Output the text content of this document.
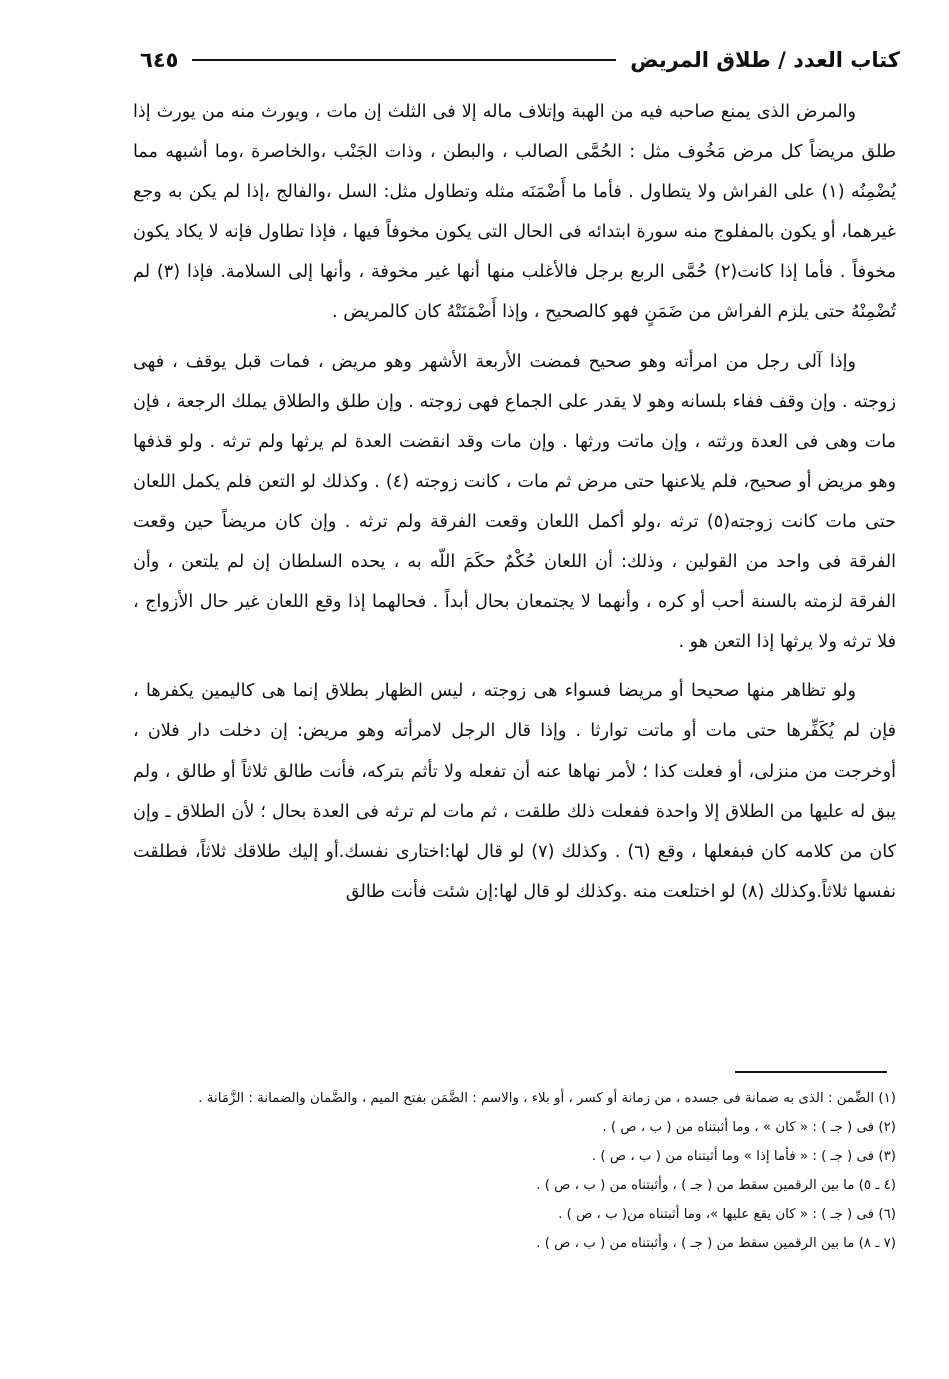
كتاب العدد / طلاق المريض
٦٤٥

والمرض الذى يمنع صاحبه فيه من الهبة وإتلاف ماله إلا فى الثلث إن مات ، ويورث منه من يورث إذا طلق مريضاً كل مرض مَخُوف مثل : الحُمَّى الصالب ، والبطن ، وذات الجَنْب ،والخاصرة ،وما أشبهه مما يُضْمِنُه (١) على الفراش ولا يتطاول . فأما ما أَضْمَنَه مثله وتطاول مثل: السل ،والفالج ،إذا لم يكن به وجع غيرهما، أو يكون بالمفلوج منه سورة ابتدائه فى الحال التى يكون مخوفاً فيها ، فإذا تطاول فإنه لا يكاد يكون مخوفاً . فأما إذا كانت(٢) حُمَّى الربع برجل فالأغلب منها أنها غير مخوفة ، وأنها إلى السلامة. فإذا (٣) لم تُضْمِنْهُ حتى يلزم الفراش من ضَمَنٍ فهو كالصحيح ، وإذا أَضْمَنَتْهُ كان كالمريض .

وإذا آلى رجل من امرأته وهو صحيح فمضت الأربعة الأشهر وهو مريض ، فمات قبل يوقف ، فهى زوجته . وإن وقف ففاء بلسانه وهو لا يقدر على الجماع فهى زوجته . وإن طلق والطلاق يملك الرجعة ، فإن مات وهى فى العدة ورثته ، وإن ماتت ورثها . وإن مات وقد انقضت العدة لم يرثها ولم ترثه . ولو قذفها وهو مريض أو صحيح، فلم يلاعنها حتى مرض ثم مات ، كانت زوجته (٤) . وكذلك لو التعن فلم يكمل اللعان حتى مات كانت زوجته(٥) ترثه ،ولو أكمل اللعان وقعت الفرقة ولم ترثه . وإن كان مريضاً حين وقعت الفرقة فى واحد من القولين ، وذلك: أن اللعان حُكْمٌ حكَمَ اللّه به ، يحده السلطان إن لم يلتعن ، وأن الفرقة لزمته بالسنة أحب أو كره ، وأنهما لا يجتمعان بحال أبداً . فحالهما إذا وقع اللعان غير حال الأزواج ، فلا ترثه ولا يرثها إذا التعن هو .

ولو تظاهر منها صحيحا أو مريضا فسواء هى زوجته ، ليس الظهار بطلاق إنما هى كاليمين يكفرها ، فإن لم يُكَفِّرها حتى مات أو ماتت توارثا . وإذا قال الرجل لامرأته وهو مريض: إن دخلت دار فلان ، أوخرجت من منزلى، أو فعلت كذا ؛ لأمر نهاها عنه أن تفعله ولا تأثم بتركه، فأنت طالق ثلاثاً أو طالق ، ولم يبق له عليها من الطلاق إلا واحدة ففعلت ذلك طلقت ، ثم مات لم ترثه فى العدة بحال ؛ لأن الطلاق ـ وإن كان من كلامه كان فبفعلها ، وقع (٦) . وكذلك (٧) لو قال لها:اختارى نفسك.أو إليك طلاقك ثلاثاً، فطلقت نفسها ثلاثاً.وكذلك (٨) لو اختلعت منه .وكذلك لو قال لها:إن شئت فأنت طالق

(١) الضِّمن : الذى به ضمانة فى جسده ، من زمانة أو كسر ، أو بلاء ، والاسم : الضَّمَن بفتح الميم ، والضَّمان والضمانة : الزَّمَانة .
(٢) فى ( جـ ) : « كان » ، وما أثبتناه من ( ب ، ص ) .
(٣) فى ( جـ ) : « فأما إذا » وما أثبتناه من ( ب ، ص ) .
(٤ ـ ٥) ما بين الرقمين سقط من ( جـ ) ، وأثبتناه من ( ب ، ص ) .
(٦) فى ( جـ ) : « كان يقع عليها »، وما أثبتناه من( ب ، ص ) .
(٧ ـ ٨) ما بين الرقمين سقط من ( جـ ) ، وأثبتناه من ( ب ، ص ) .
